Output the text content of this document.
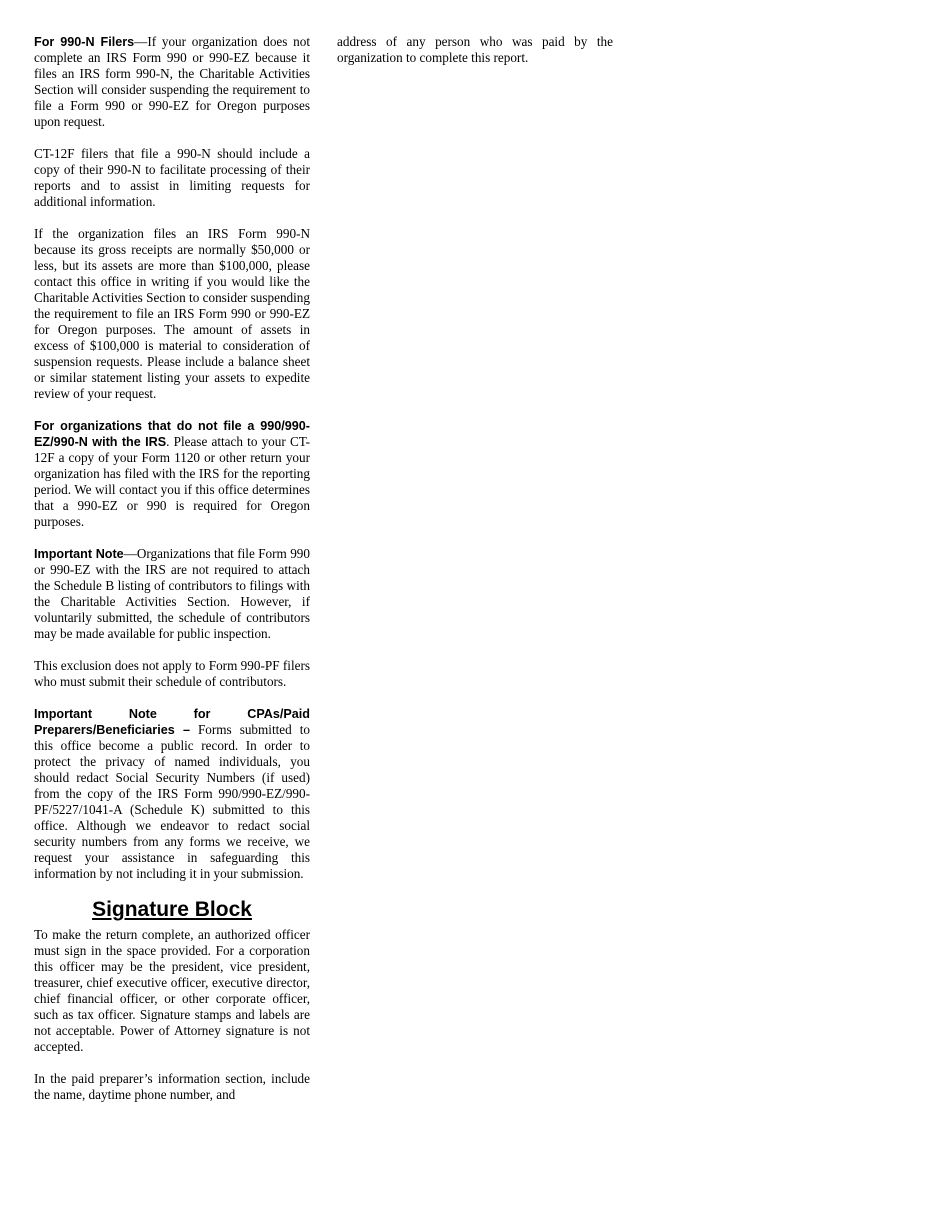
For 990-N Filers—If your organization does not complete an IRS Form 990 or 990-EZ because it files an IRS form 990-N, the Charitable Activities Section will consider suspending the requirement to file a Form 990 or 990-EZ for Oregon purposes upon request.

CT-12F filers that file a 990-N should include a copy of their 990-N to facilitate processing of their reports and to assist in limiting requests for additional information.

If the organization files an IRS Form 990-N because its gross receipts are normally $50,000 or less, but its assets are more than $100,000, please contact this office in writing if you would like the Charitable Activities Section to consider suspending the requirement to file an IRS Form 990 or 990-EZ for Oregon purposes. The amount of assets in excess of $100,000 is material to consideration of suspension requests. Please include a balance sheet or similar statement listing your assets to expedite review of your request.

For organizations that do not file a 990/990-EZ/990-N with the IRS. Please attach to your CT-12F a copy of your Form 1120 or other return your organization has filed with the IRS for the reporting period. We will contact you if this office determines that a 990-EZ or 990 is required for Oregon purposes.

Important Note—Organizations that file Form 990 or 990-EZ with the IRS are not required to attach the Schedule B listing of contributors to filings with the Charitable Activities Section. However, if voluntarily submitted, the schedule of contributors may be made available for public inspection.

This exclusion does not apply to Form 990-PF filers who must submit their schedule of contributors.

Important Note for CPAs/Paid Preparers/Beneficiaries – Forms submitted to this office become a public record. In order to protect the privacy of named individuals, you should redact Social Security Numbers (if used) from the copy of the IRS Form 990/990-EZ/990-PF/5227/1041-A (Schedule K) submitted to this office. Although we endeavor to redact social security numbers from any forms we receive, we request your assistance in safeguarding this information by not including it in your submission.

Signature Block

To make the return complete, an authorized officer must sign in the space provided. For a corporation this officer may be the president, vice president, treasurer, chief executive officer, executive director, chief financial officer, or other corporate officer, such as tax officer. Signature stamps and labels are not acceptable. Power of Attorney signature is not accepted.

In the paid preparer’s information section, include the name, daytime phone number, and

address of any person who was paid by the organization to complete this report.
